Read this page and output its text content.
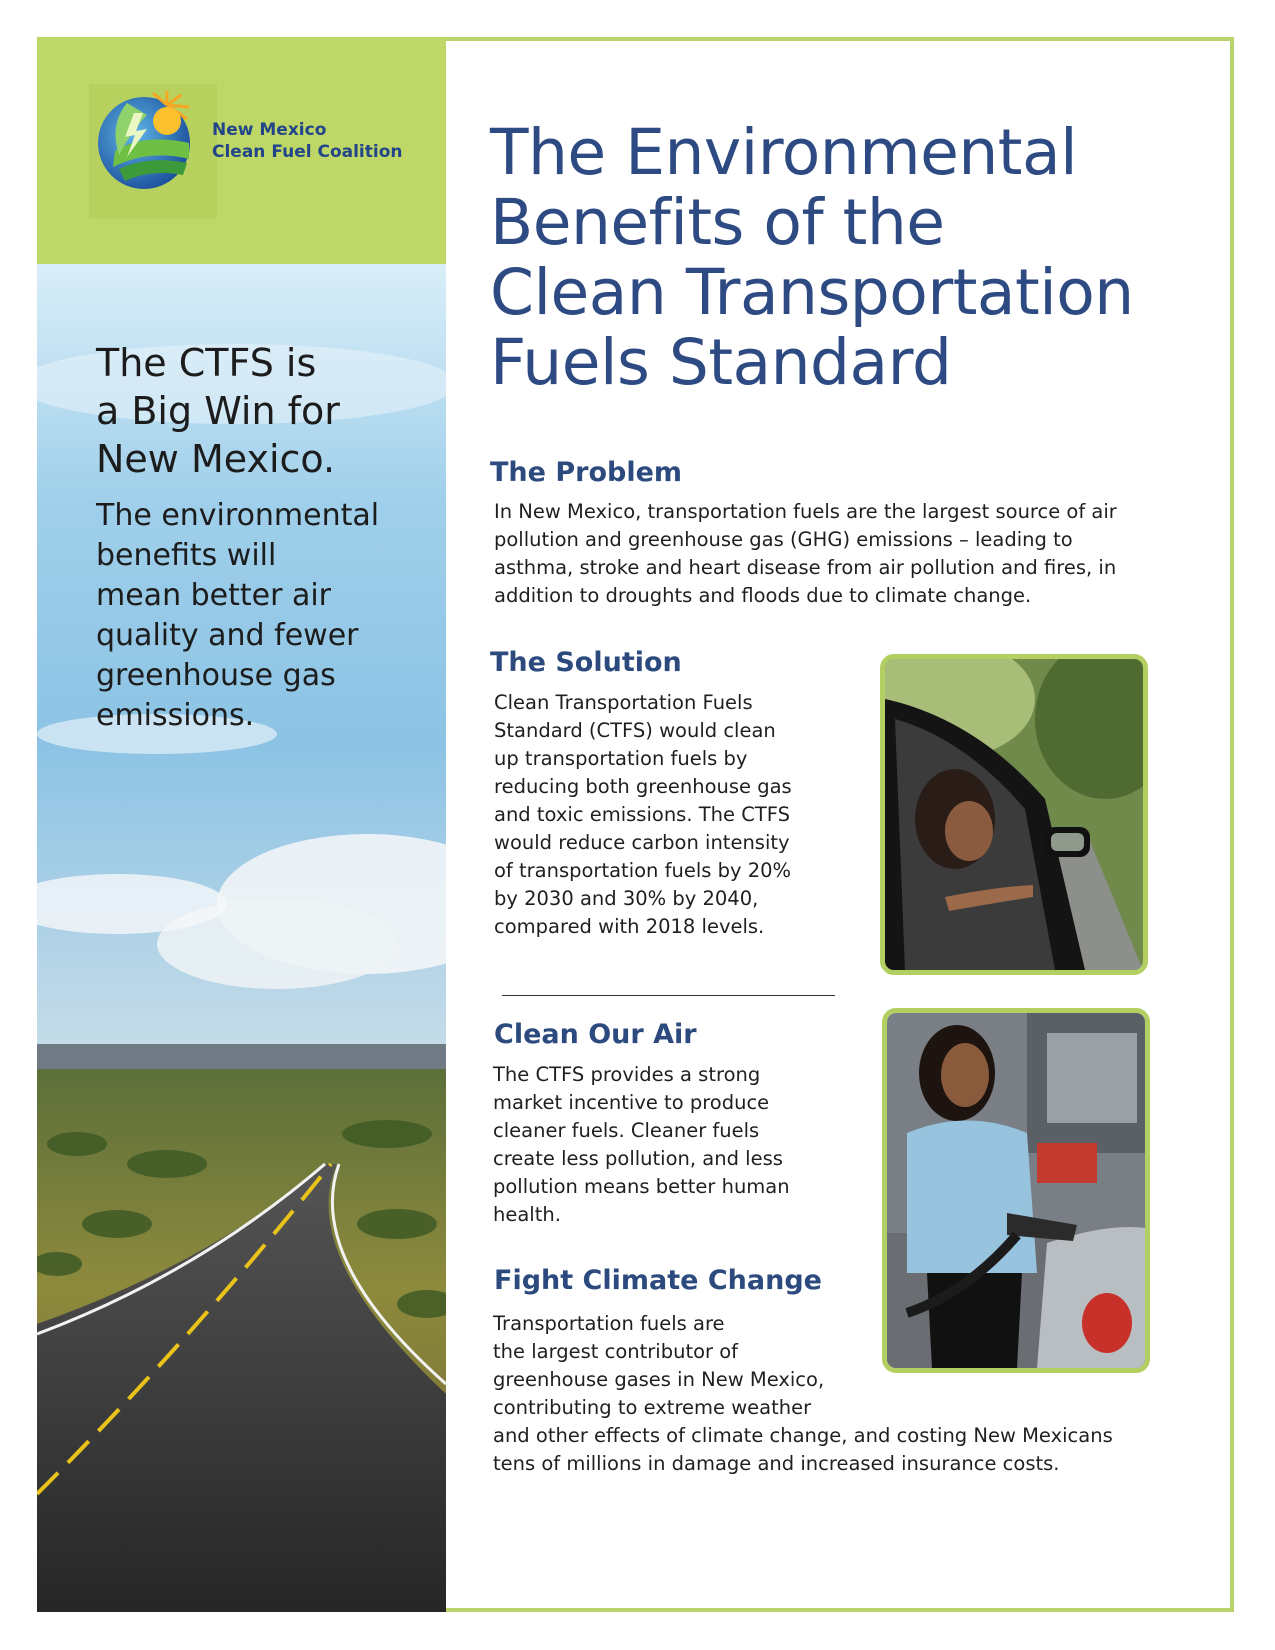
New Mexico
Clean Fuel Coalition

The CTFS is
a Big Win for
New Mexico.

The environmental
benefits will
mean better air
quality and fewer
greenhouse gas
emissions.

The Environmental
Benefits of the
Clean Transportation
Fuels Standard
The Problem

In New Mexico, transportation fuels are the largest source of air
pollution and greenhouse gas (GHG) emissions – leading to
asthma, stroke and heart disease from air pollution and fires, in
addition to droughts and floods due to climate change.

The Solution

Clean Transportation Fuels
Standard (CTFS) would clean
up transportation fuels by
reducing both greenhouse gas
and toxic emissions. The CTFS
would reduce carbon intensity
of transportation fuels by 20%
by 2030 and 30% by 2040,
compared with 2018 levels.

Clean Our Air

The CTFS provides a strong
market incentive to produce
cleaner fuels. Cleaner fuels
create less pollution, and less
pollution means better human
health.

Fight Climate Change

Transportation fuels are
the largest contributor of
greenhouse gases in New Mexico,
contributing to extreme weather
and other effects of climate change, and costing New Mexicans
tens of millions in damage and increased insurance costs.
